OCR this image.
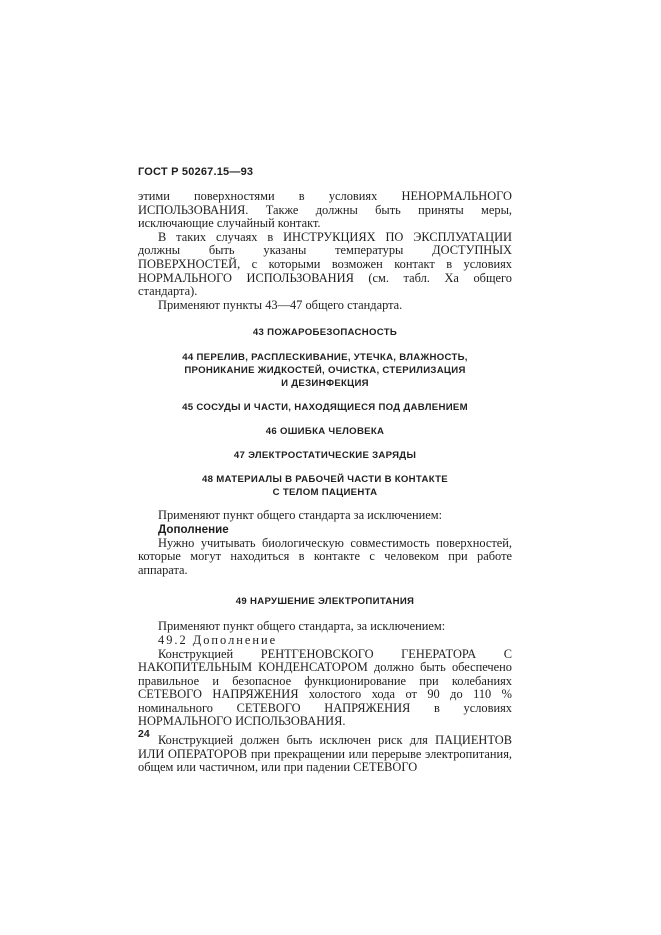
ГОСТ Р 50267.15—93

этими поверхностями в условиях НЕНОРМАЛЬНОГО ИСПОЛЬЗОВАНИЯ. Также должны быть приняты меры, исключающие случайный контакт.

В таких случаях в ИНСТРУКЦИЯХ ПО ЭКСПЛУАТАЦИИ должны быть указаны температуры ДОСТУПНЫХ ПОВЕРХНОСТЕЙ, с которыми возможен контакт в условиях НОРМАЛЬНОГО ИСПОЛЬЗОВАНИЯ (см. табл. Ха общего стандарта).

Применяют пункты 43—47 общего стандарта.

43 ПОЖАРОБЕЗОПАСНОСТЬ

44 ПЕРЕЛИВ, РАСПЛЕСКИВАНИЕ, УТЕЧКА, ВЛАЖНОСТЬ,
ПРОНИКАНИЕ ЖИДКОСТЕЙ, ОЧИСТКА, СТЕРИЛИЗАЦИЯ
И ДЕЗИНФЕКЦИЯ

45 СОСУДЫ И ЧАСТИ, НАХОДЯЩИЕСЯ ПОД ДАВЛЕНИЕМ

46 ОШИБКА ЧЕЛОВЕКА

47 ЭЛЕКТРОСТАТИЧЕСКИЕ ЗАРЯДЫ

48 МАТЕРИАЛЫ В РАБОЧЕЙ ЧАСТИ В КОНТАКТЕ
С ТЕЛОМ ПАЦИЕНТА

Применяют пункт общего стандарта за исключением:

Дополнение

Нужно учитывать биологическую совместимость поверхностей, которые могут находиться в контакте с человеком при работе аппарата.

49 НАРУШЕНИЕ ЭЛЕКТРОПИТАНИЯ

Применяют пункт общего стандарта, за исключением:

49.2 Дополнение

Конструкцией РЕНТГЕНОВСКОГО ГЕНЕРАТОРА С НАКОПИТЕЛЬНЫМ КОНДЕНСАТОРОМ должно быть обеспечено правильное и безопасное функционирование при колебаниях СЕТЕВОГО НАПРЯЖЕНИЯ холостого хода от 90 до 110 % номинального СЕТЕВОГО НАПРЯЖЕНИЯ в условиях НОРМАЛЬНОГО ИСПОЛЬЗОВАНИЯ.

Конструкцией должен быть исключен риск для ПАЦИЕНТОВ ИЛИ ОПЕРАТОРОВ при прекращении или перерыве электропитания, общем или частичном, или при падении СЕТЕВОГО

24
